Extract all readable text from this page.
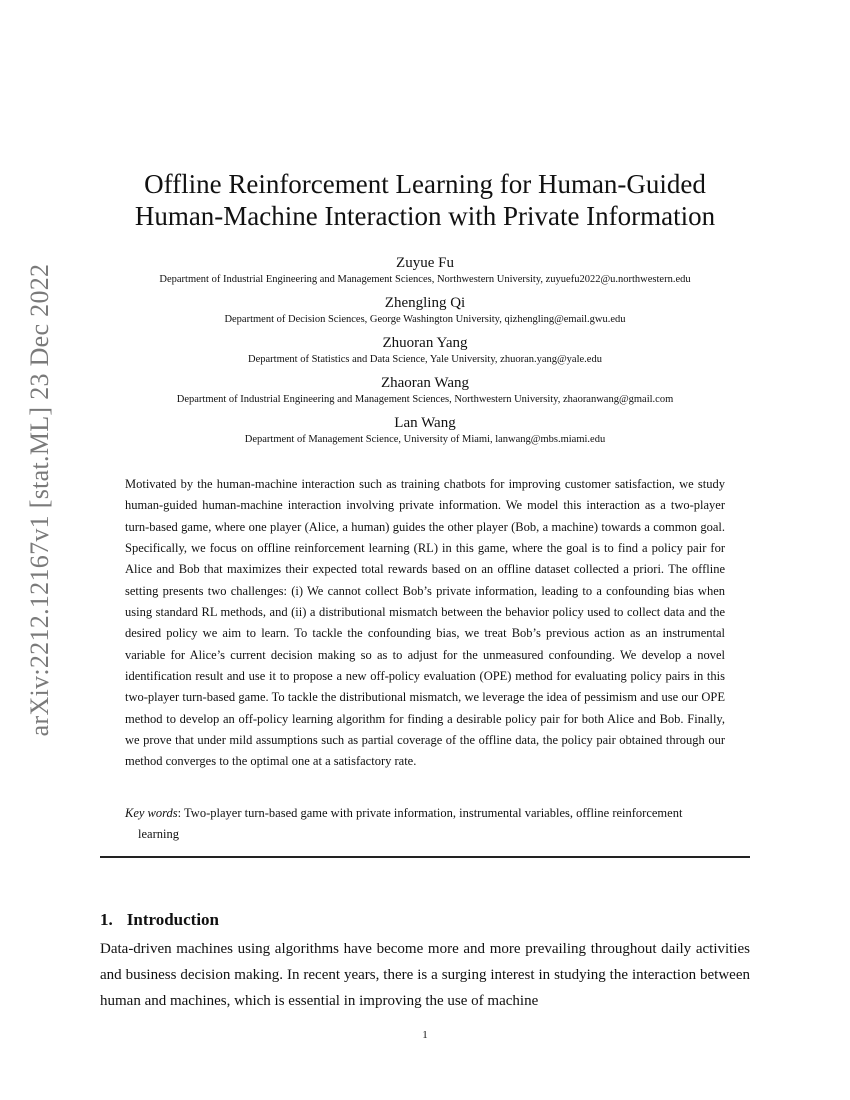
arXiv:2212.12167v1 [stat.ML] 23 Dec 2022
Offline Reinforcement Learning for Human-Guided
Human-Machine Interaction with Private Information
Zuyue Fu
Department of Industrial Engineering and Management Sciences, Northwestern University, zuyuefu2022@u.northwestern.edu
Zhengling Qi
Department of Decision Sciences, George Washington University, qizhengling@email.gwu.edu
Zhuoran Yang
Department of Statistics and Data Science, Yale University, zhuoran.yang@yale.edu
Zhaoran Wang
Department of Industrial Engineering and Management Sciences, Northwestern University, zhaoranwang@gmail.com
Lan Wang
Department of Management Science, University of Miami, lanwang@mbs.miami.edu

Motivated by the human-machine interaction such as training chatbots for improving customer satisfaction, we study human-guided human-machine interaction involving private information. We model this interaction as a two-player turn-based game, where one player (Alice, a human) guides the other player (Bob, a machine) towards a common goal. Specifically, we focus on offline reinforcement learning (RL) in this game, where the goal is to find a policy pair for Alice and Bob that maximizes their expected total rewards based on an offline dataset collected a priori. The offline setting presents two challenges: (i) We cannot collect Bob’s private information, leading to a confounding bias when using standard RL methods, and (ii) a distributional mismatch between the behavior policy used to collect data and the desired policy we aim to learn. To tackle the confounding bias, we treat Bob’s previous action as an instrumental variable for Alice’s current decision making so as to adjust for the unmeasured confounding. We develop a novel identification result and use it to propose a new off-policy evaluation (OPE) method for evaluating policy pairs in this two-player turn-based game. To tackle the distributional mismatch, we leverage the idea of pessimism and use our OPE method to develop an off-policy learning algorithm for finding a desirable policy pair for both Alice and Bob. Finally, we prove that under mild assumptions such as partial coverage of the offline data, the policy pair obtained through our method converges to the optimal one at a satisfactory rate.

Key words: Two-player turn-based game with private information, instrumental variables, offline reinforcement learning
1. Introduction

Data-driven machines using algorithms have become more and more prevailing throughout daily activities and business decision making. In recent years, there is a surging interest in studying the interaction between human and machines, which is essential in improving the use of machine

1
